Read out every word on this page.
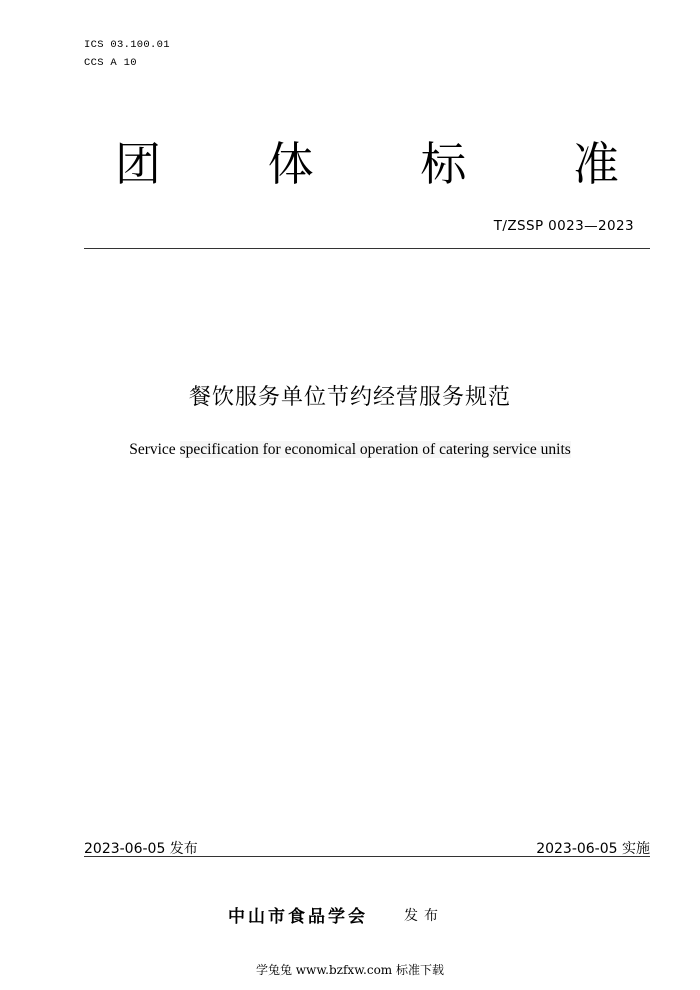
ICS 03.100.01
CCS A 10
团 体 标 准
T/ZSSP 0023—2023
餐饮服务单位节约经营服务规范
Service specification for economical operation of catering service units
2023-06-05 发布	2023-06-05 实施
中山市食品学会	发布
学兔兔 www.bzfxw.com 标准下载
